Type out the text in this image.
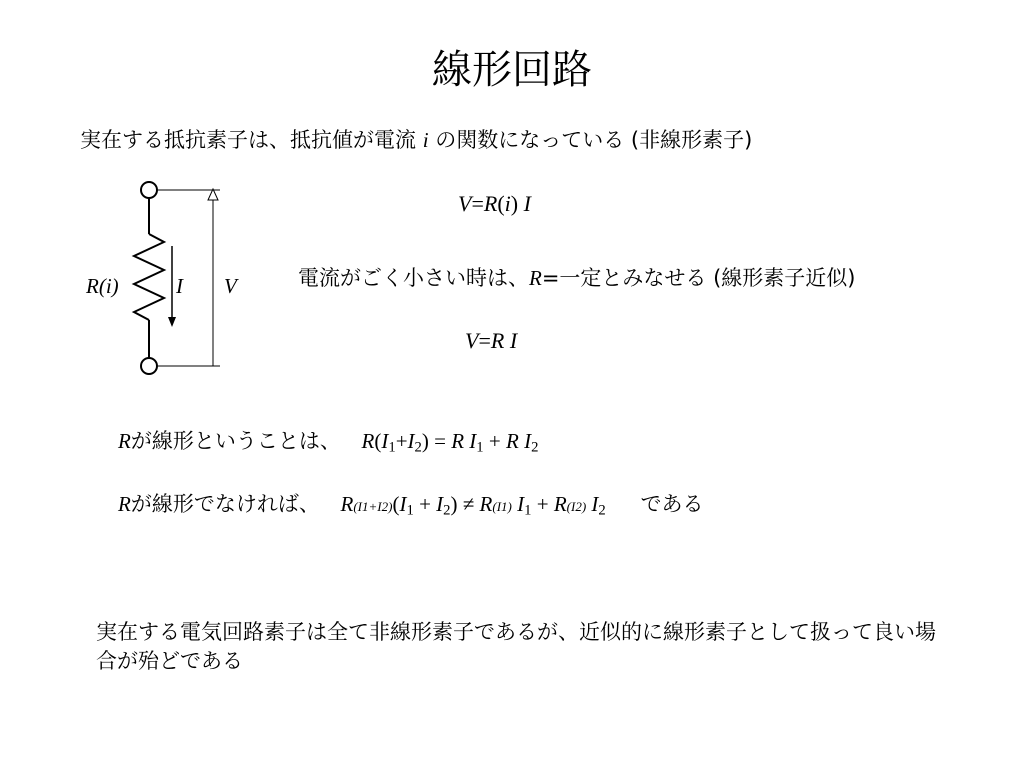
線形回路
実在する抵抗素子は、抵抗値が電流 i の関数になっている (非線形素子)
R(i)	I V
V=R(i) I
電流がごく小さい時は、R=一定とみなせる (線形素子近似)
V=R I
Rが線形ということは、 $R(I_1+I_2) = R$ $I_1 + R$ $I_2$
Rが線形でなければ、 $R(I1+I2)(I_1 + I_2) \ne R(I1) I_1 + R(I2)$ $I_2$ である
実在する電気回路素子は全て非線形素子であるが、近似的に線形素子として扱って良い場合が殆どである
